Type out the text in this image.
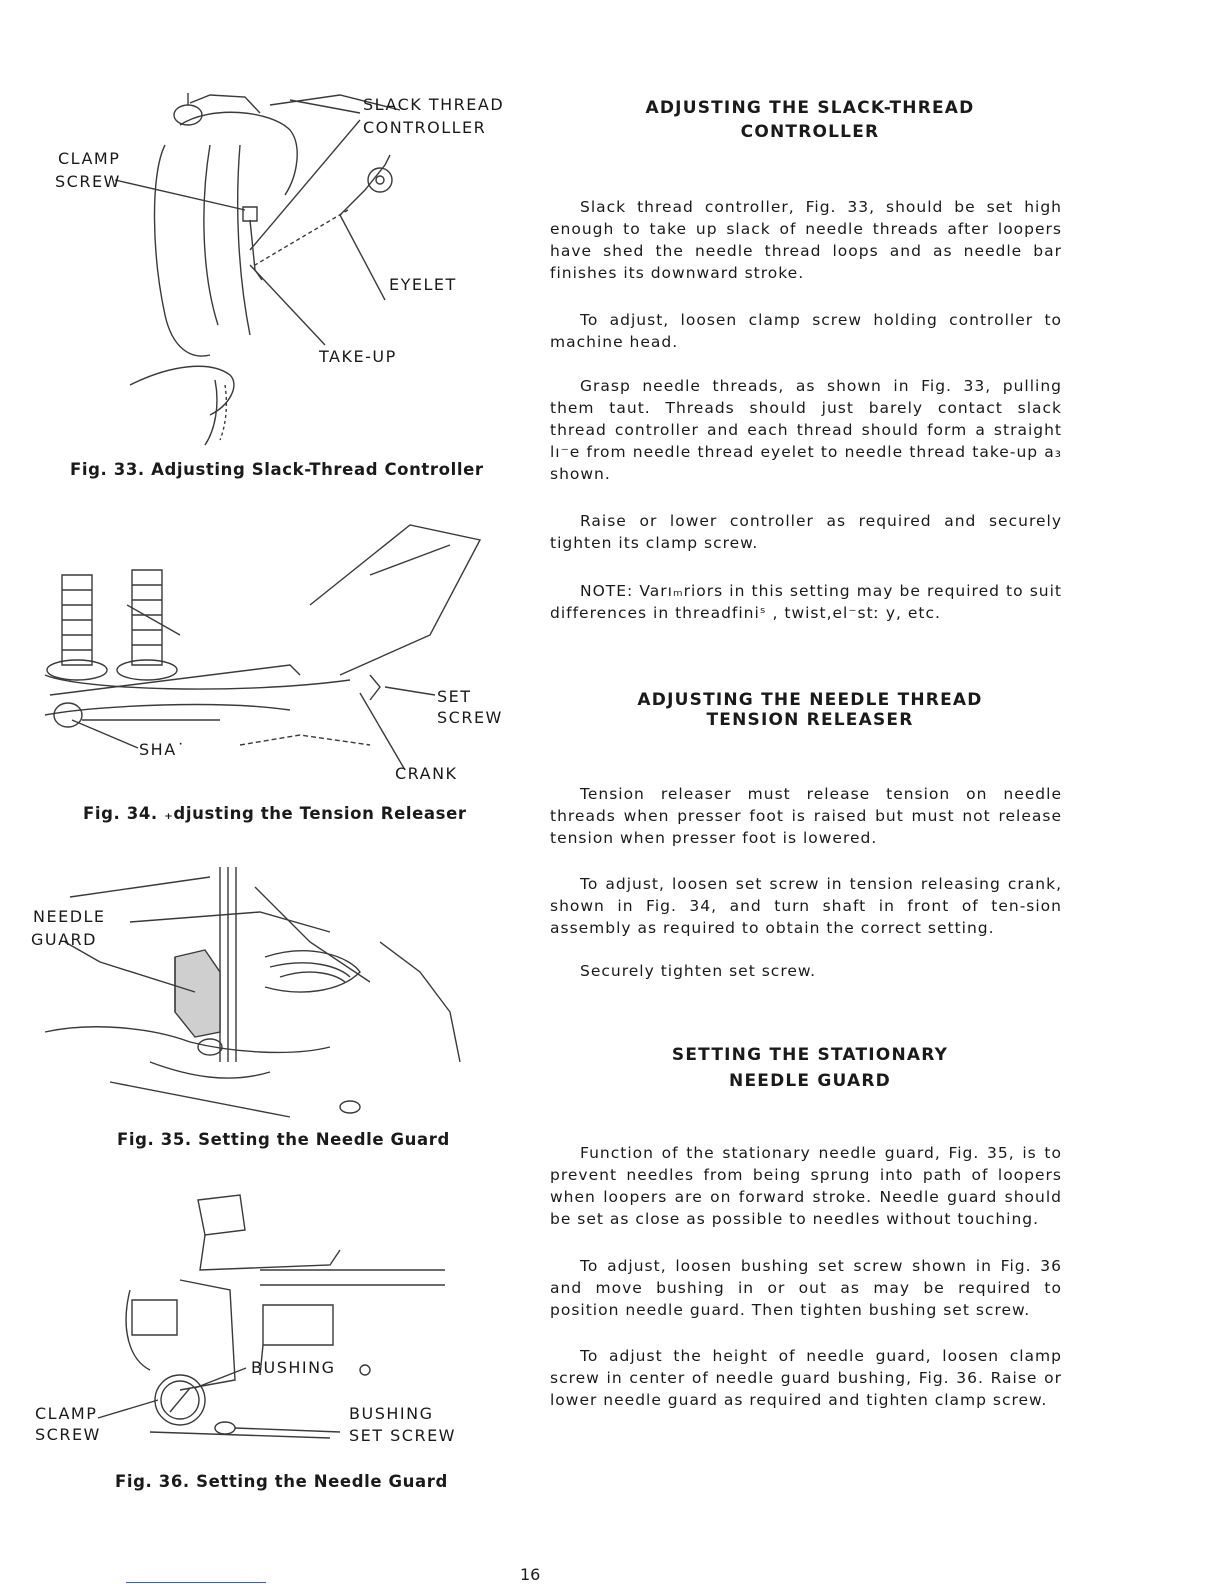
SLACK THREAD
CONTROLLER
CLAMP
SCREW
EYELET
TAKE-UP
Fig. 33. Adjusting Slack-Thread Controller
SET
SCREW
SHA˙
CRANK
Fig. 34. ₊djusting the Tension Releaser
NEEDLE
GUARD
Fig. 35. Setting the Needle Guard
BUSHING
CLAMP
SCREW
BUSHING
SET SCREW
Fig. 36. Setting the Needle Guard
ADJUSTING THE SLACK-THREAD
CONTROLLER

Slack thread controller, Fig. 33, should be set high enough to take up slack of needle threads after loopers have shed the needle thread loops and as needle bar finishes its downward stroke.

To adjust, loosen clamp screw holding controller to machine head.

Grasp needle threads, as shown in Fig. 33, pulling them taut. Threads should just barely contact slack thread controller and each thread should form a straight lı⁻e from needle thread eyelet to needle thread take-up a₃ shown.

Raise or lower controller as required and securely tighten its clamp screw.

NOTE: Varıₘriors in this setting may be required to suit differences in threadfiniˢ , twist,el⁻stː y, etc.

ADJUSTING THE NEEDLE THREAD
TENSION RELEASER

Tension releaser must release tension on needle threads when presser foot is raised but must not release tension when presser foot is lowered.

To adjust, loosen set screw in tension releasing crank, shown in Fig. 34, and turn shaft in front of ten-sion assembly as required to obtain the correct setting.

Securely tighten set screw.

SETTING THE STATIONARY
NEEDLE GUARD

Function of the stationary needle guard, Fig. 35, is to prevent needles from being sprung into path of loopers when loopers are on forward stroke. Needle guard should be set as close as possible to needles without touching.

To adjust, loosen bushing set screw shown in Fig. 36 and move bushing in or out as may be required to position needle guard. Then tighten bushing set screw.

To adjust the height of needle guard, loosen clamp screw in center of needle guard bushing, Fig. 36. Raise or lower needle guard as required and tighten clamp screw.

16
